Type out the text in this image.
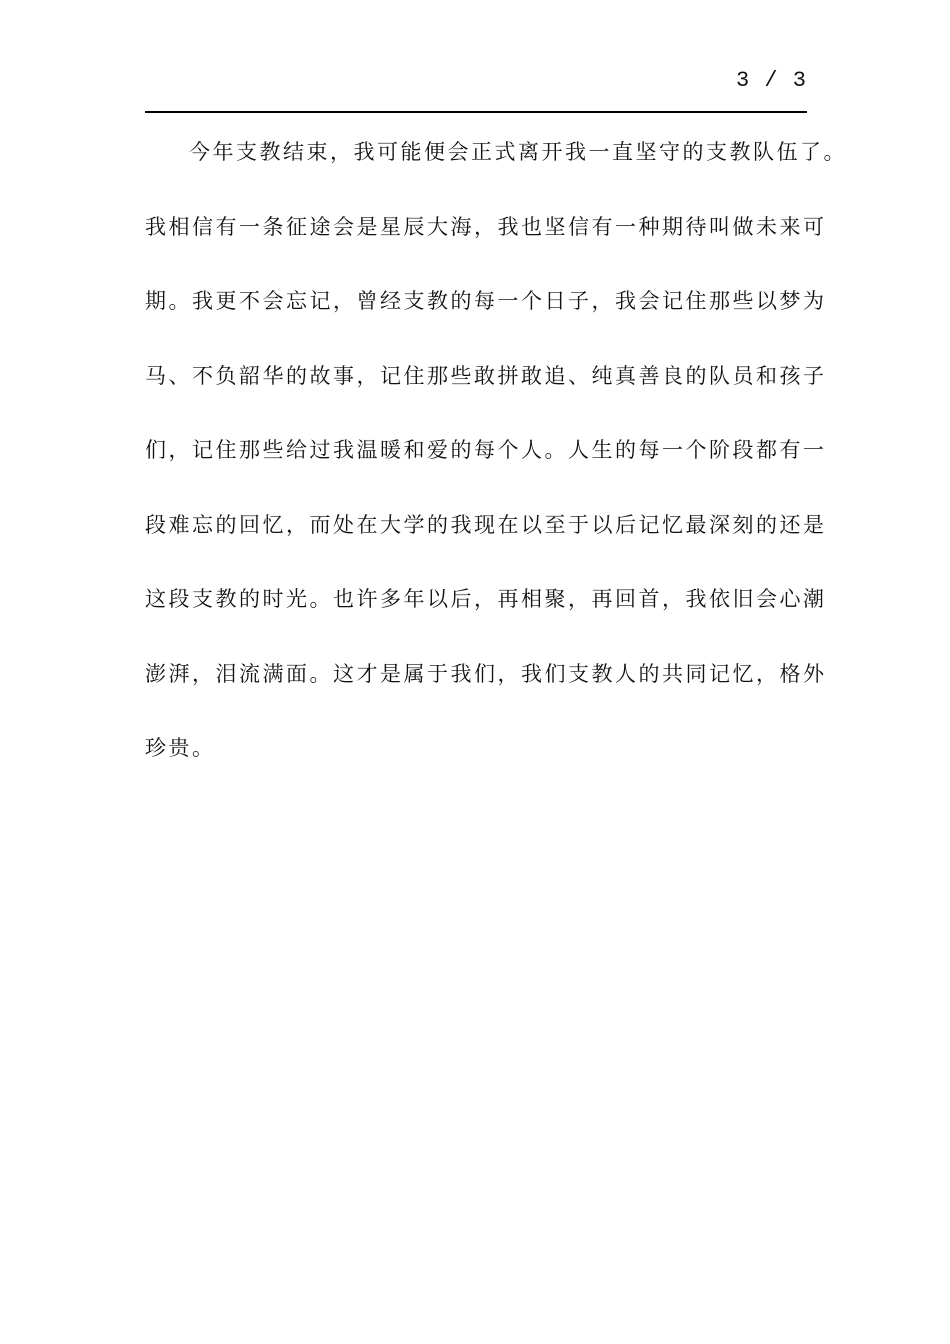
3 / 3
今年支教结束，我可能便会正式离开我一直坚守的支教队伍了。
我相信有一条征途会是星辰大海，我也坚信有一种期待叫做未来可
期。我更不会忘记，曾经支教的每一个日子，我会记住那些以梦为
马、不负韶华的故事，记住那些敢拼敢追、纯真善良的队员和孩子
们，记住那些给过我温暖和爱的每个人。人生的每一个阶段都有一
段难忘的回忆，而处在大学的我现在以至于以后记忆最深刻的还是
这段支教的时光。也许多年以后，再相聚，再回首，我依旧会心潮
澎湃，泪流满面。这才是属于我们，我们支教人的共同记忆，格外
珍贵。
